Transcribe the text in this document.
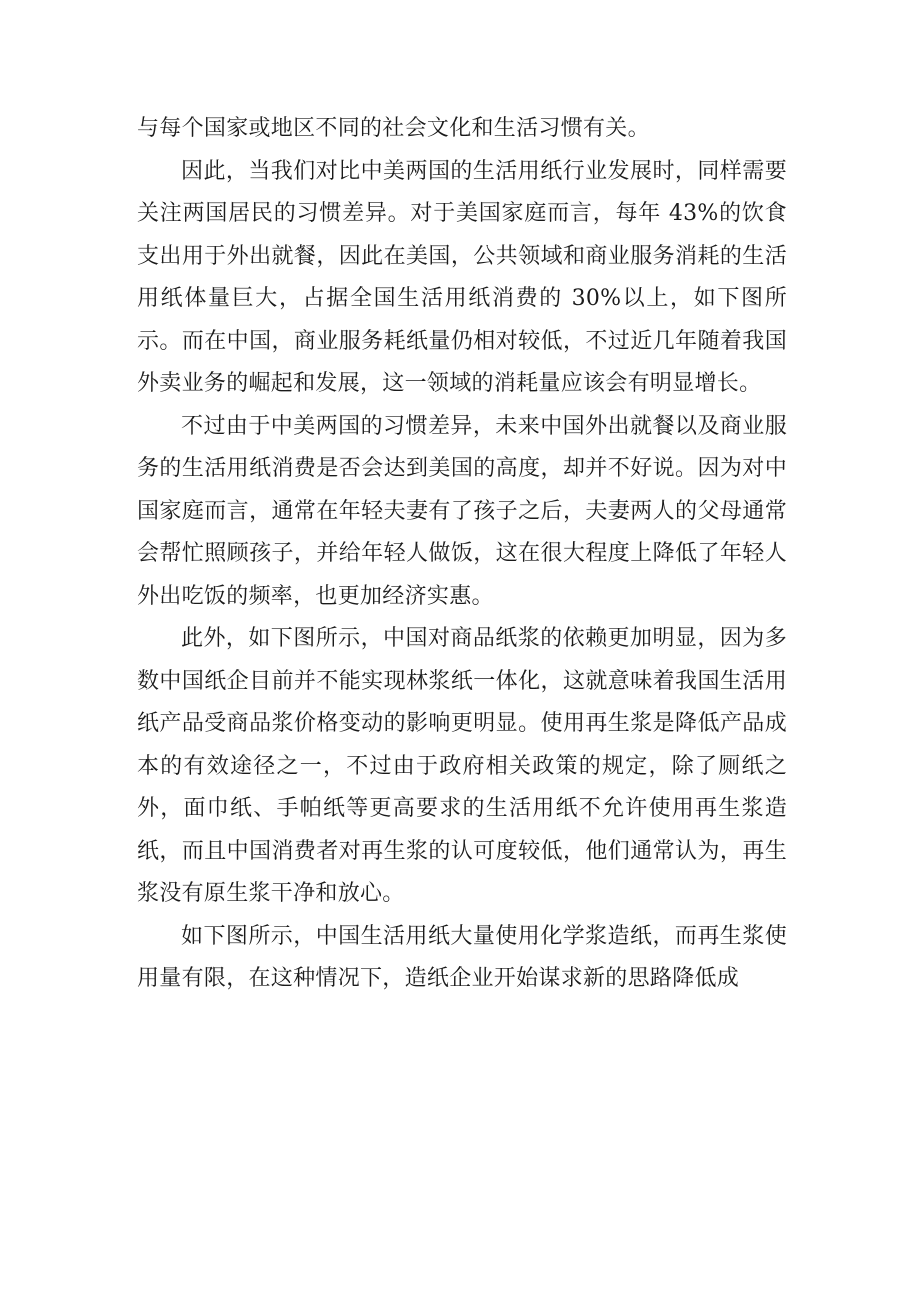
与每个国家或地区不同的社会文化和生活习惯有关。

因此，当我们对比中美两国的生活用纸行业发展时，同样需要关注两国居民的习惯差异。对于美国家庭而言，每年 43%的饮食支出用于外出就餐，因此在美国，公共领域和商业服务消耗的生活用纸体量巨大，占据全国生活用纸消费的 30%以上，如下图所示。而在中国，商业服务耗纸量仍相对较低，不过近几年随着我国外卖业务的崛起和发展，这一领域的消耗量应该会有明显增长。

不过由于中美两国的习惯差异，未来中国外出就餐以及商业服务的生活用纸消费是否会达到美国的高度，却并不好说。因为对中国家庭而言，通常在年轻夫妻有了孩子之后，夫妻两人的父母通常会帮忙照顾孩子，并给年轻人做饭，这在很大程度上降低了年轻人外出吃饭的频率，也更加经济实惠。

此外，如下图所示，中国对商品纸浆的依赖更加明显，因为多数中国纸企目前并不能实现林浆纸一体化，这就意味着我国生活用纸产品受商品浆价格变动的影响更明显。使用再生浆是降低产品成本的有效途径之一，不过由于政府相关政策的规定，除了厕纸之外，面巾纸、手帕纸等更高要求的生活用纸不允许使用再生浆造纸，而且中国消费者对再生浆的认可度较低，他们通常认为，再生浆没有原生浆干净和放心。

如下图所示，中国生活用纸大量使用化学浆造纸，而再生浆使用量有限，在这种情况下，造纸企业开始谋求新的思路降低成
